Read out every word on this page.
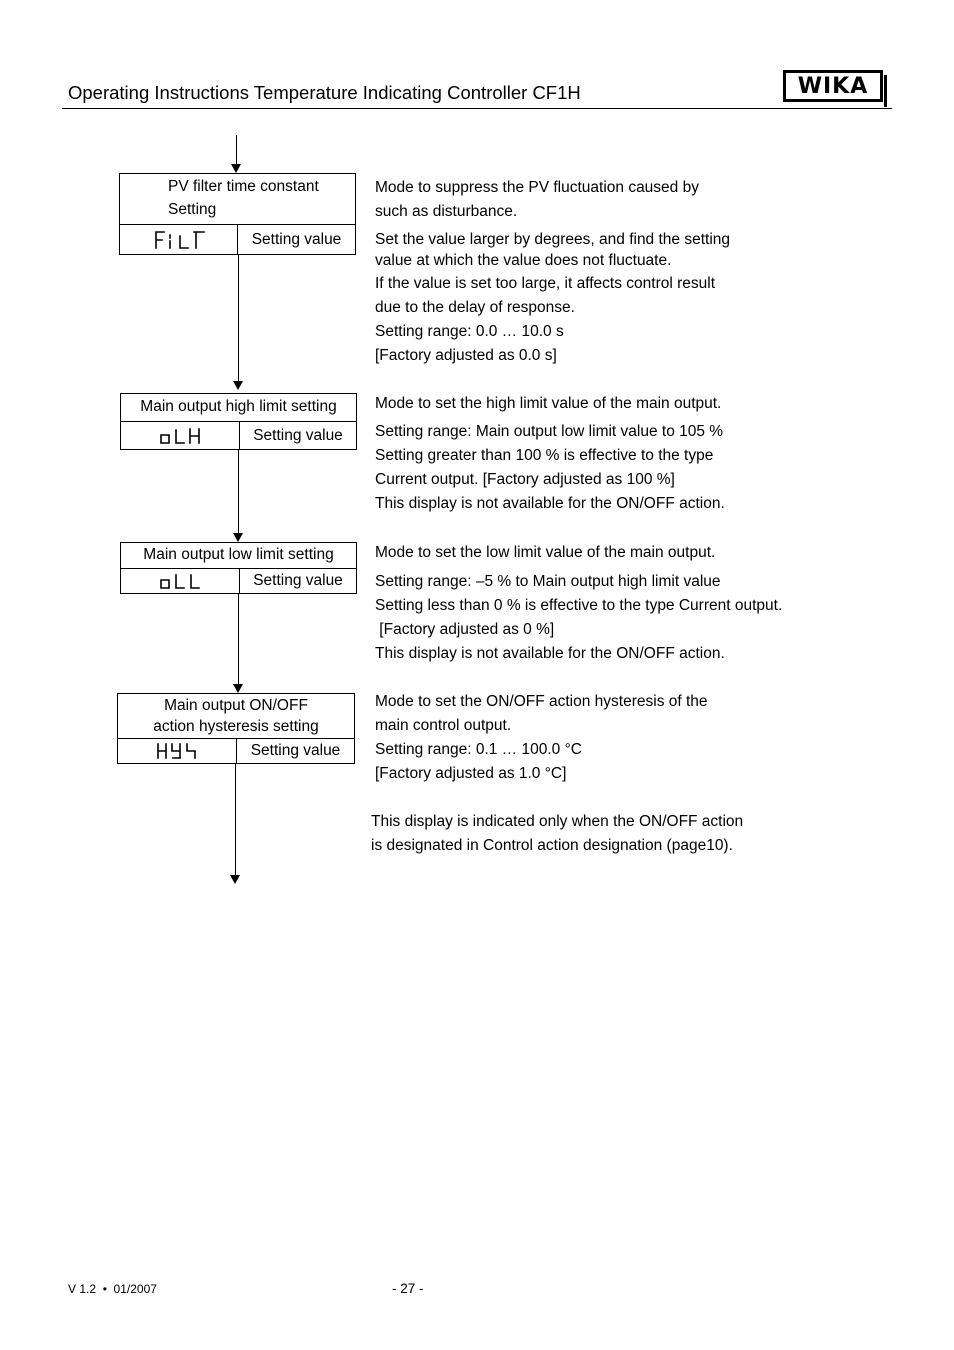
Operating Instructions Temperature Indicating Controller CF1H	WIKA
PV filter time constant
Setting
Setting value
Mode to suppress the PV fluctuation caused by
such as disturbance.
Set the value larger by degrees, and find the setting
value at which the value does not fluctuate.
If the value is set too large, it affects control result
due to the delay of response.
Setting range: 0.0 … 10.0 s
[Factory adjusted as 0.0 s]
Main output high limit setting
Setting value
Mode to set the high limit value of the main output.
Setting range: Main output low limit value to 105 %
Setting greater than 100 % is effective to the type
Current output. [Factory adjusted as 100 %]
This display is not available for the ON/OFF action.
Main output low limit setting
Setting value
Mode to set the low limit value of the main output.
Setting range: –5 % to Main output high limit value
Setting less than 0 % is effective to the type Current output.
[Factory adjusted as 0 %]
This display is not available for the ON/OFF action.
Main output ON/OFF
action hysteresis setting
Setting value
Mode to set the ON/OFF action hysteresis of the
main control output.
Setting range: 0.1 … 100.0 °C
[Factory adjusted as 1.0 °C]
This display is indicated only when the ON/OFF action
is designated in Control action designation (page10).
V 1.2  •  01/2007	- 27 -
